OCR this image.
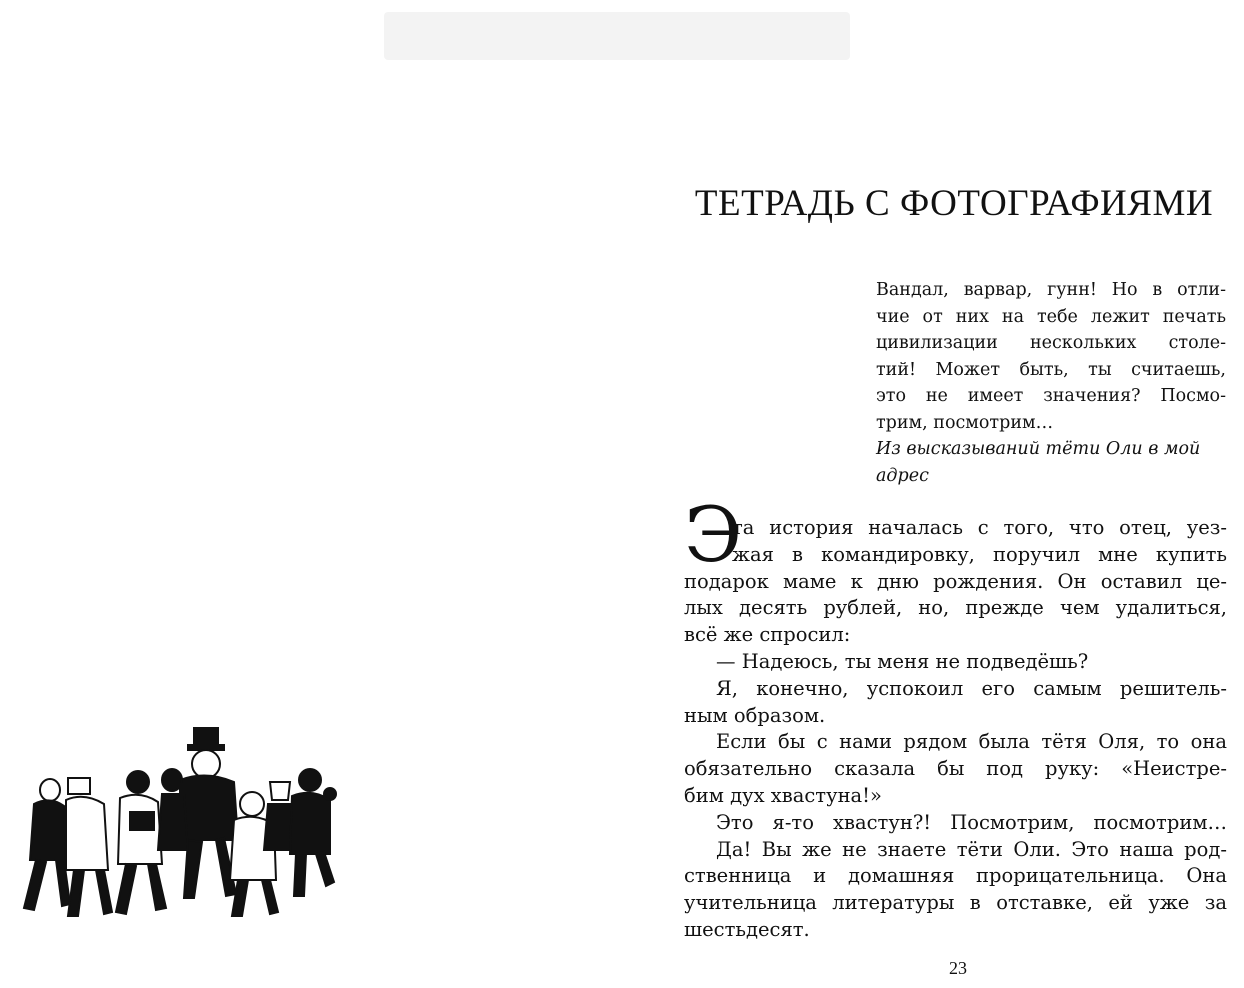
ТЕТРАДЬ С ФОТОГРАФИЯМИ
Вандал, варвар, гунн! Но в отли-
чие от них на тебе лежит печать
цивилизации нескольких столе-
тий! Может быть, ты считаешь,
это не имеет значения? Посмо-
трим, посмотрим…
Из высказываний тёти Оли в мой
адрес
Э
та история началась с того, что отец, уез-
жая в командировку, поручил мне купить
подарок маме к дню рождения. Он оставил це-
лых десять рублей, но, прежде чем удалиться,
всё же спросил:
— Надеюсь, ты меня не подведёшь?
Я, конечно, успокоил его самым решитель-
ным образом.
Если бы с нами рядом была тётя Оля, то она
обязательно сказала бы под руку: «Неистре-
бим дух хвастуна!»
Это я-то хвастун?! Посмотрим, посмотрим…
Да! Вы же не знаете тёти Оли. Это наша род-
ственница и домашняя прорицательница. Она
учительница литературы в отставке, ей уже за
шестьдесят.
23
